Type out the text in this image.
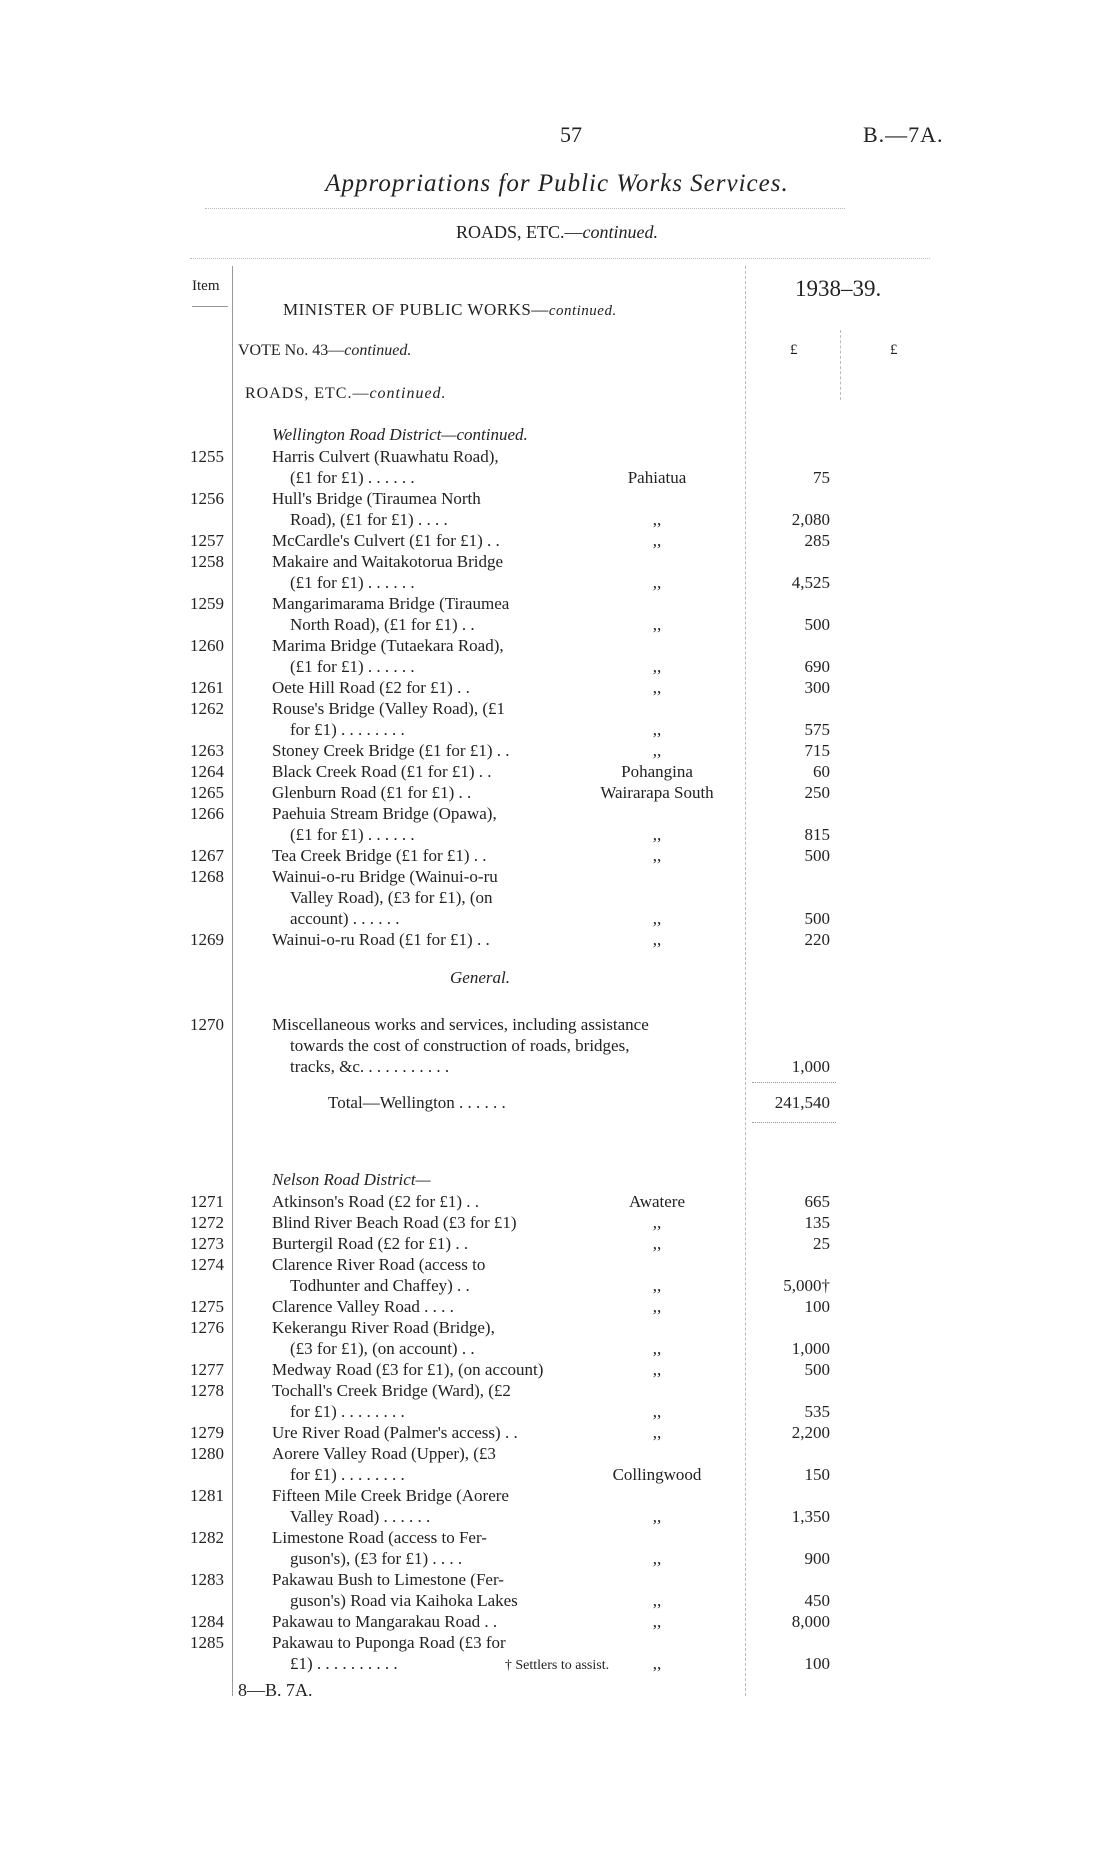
57	B.—7A.
Appropriations for Public Works Services.
ROADS, ETC.—continued.
Item	1938–39.
MINISTER OF PUBLIC WORKS—continued.
VOTE No. 43—continued.	£	£
ROADS, ETC.—continued.
Wellington Road District—continued.
1255	Harris Culvert (Ruawhatu Road),
(£1 for £1) . . . . . .	Pahiatua	75
1256	Hull's Bridge (Tiraumea North
Road), (£1 for £1) . . . .	,,	2,080
1257	McCardle's Culvert (£1 for £1) . .	,,	285
1258	Makaire and Waitakotorua Bridge
(£1 for £1) . . . . . .	,,	4,525
1259	Mangarimarama Bridge (Tiraumea
North Road), (£1 for £1) . .	,,	500
1260	Marima Bridge (Tutaekara Road),
(£1 for £1) . . . . . .	,,	690
1261	Oete Hill Road (£2 for £1) . .	,,	300
1262	Rouse's Bridge (Valley Road), (£1
for £1) . . . . . . . .	,,	575
1263	Stoney Creek Bridge (£1 for £1) . .	,,	715
1264	Black Creek Road (£1 for £1) . .	Pohangina	60
1265	Glenburn Road (£1 for £1) . .	Wairarapa South	250
1266	Paehuia Stream Bridge (Opawa),
(£1 for £1) . . . . . .	,,	815
1267	Tea Creek Bridge (£1 for £1) . .	,,	500
1268	Wainui-o-ru Bridge (Wainui-o-ru
Valley Road), (£3 for £1), (on
account) . . . . . .	,,	500
1269	Wainui-o-ru Road (£1 for £1) . .	,,	220
General.
1270	Miscellaneous works and services, including assistance
towards the cost of construction of roads, bridges,
tracks, &c. . . . . . . . . . .	1,000
Total—Wellington . . . . . .	241,540
Nelson Road District—
1271	Atkinson's Road (£2 for £1) . .	Awatere	665
1272	Blind River Beach Road (£3 for £1)	,,	135
1273	Burtergil Road (£2 for £1) . .	,,	25
1274	Clarence River Road (access to
Todhunter and Chaffey) . .	,,	5,000†
1275	Clarence Valley Road . . . .	,,	100
1276	Kekerangu River Road (Bridge),
(£3 for £1), (on account) . .	,,	1,000
1277	Medway Road (£3 for £1), (on account)	,,	500
1278	Tochall's Creek Bridge (Ward), (£2
for £1) . . . . . . . .	,,	535
1279	Ure River Road (Palmer's access) . .	,,	2,200
1280	Aorere Valley Road (Upper), (£3
for £1) . . . . . . . .	Collingwood	150
1281	Fifteen Mile Creek Bridge (Aorere
Valley Road) . . . . . .	,,	1,350
1282	Limestone Road (access to Fer-
guson's), (£3 for £1) . . . .	,,	900
1283	Pakawau Bush to Limestone (Fer-
guson's) Road via Kaihoka Lakes	,,	450
1284	Pakawau to Mangarakau Road . .	,,	8,000
1285	Pakawau to Puponga Road (£3 for
£1) . . . . . . . . . .	,,	100
† Settlers to assist.
8—B. 7A.
